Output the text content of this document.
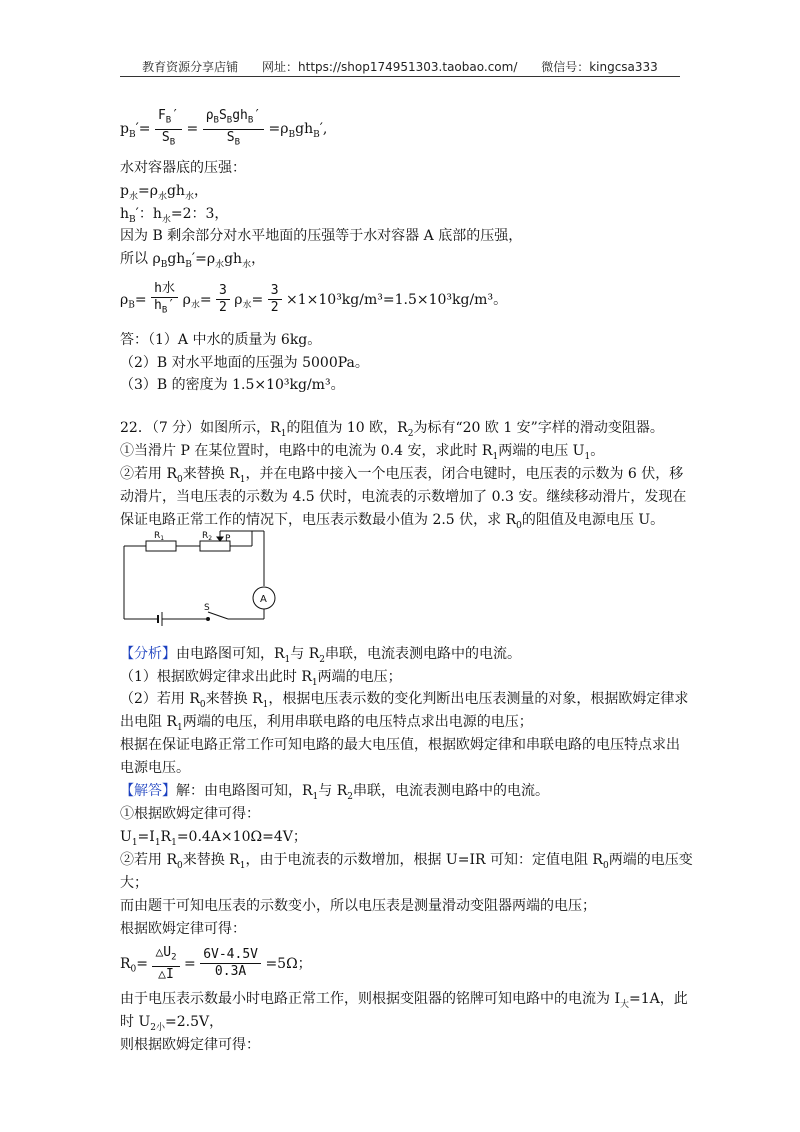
教育资源分享店铺 网址：https://shop174951303.taobao.com/ 微信号：kingcsa333
$p_B'= \frac{F_B'}{S_B} = \frac{\rho_BS_Bgh_B'}{S_B} =\rho_Bgh_B'$,
水对容器底的压强：
$p_水=\rho_水gh_水$，
$h_B'$：$h_水=2$：3，
因为 B 剩余部分对水平地面的压强等于水对容器 A 底部的压强，
所以 $\rho_Bgh_B'=\rho_水gh_水$，
$\rho_B= \frac{\text{h水}}{h_B'} \rho_水= \frac{3}{2} \rho_水= \frac{3}{2} \times 1\times 10^3kg/m^3=1.5\times 10^3kg/m^3$。
答：（1）A 中水的质量为 6kg。
（2）B 对水平地面的压强为 5000Pa。
（3）B 的密度为 1.5×10³kg/m³。
22．（7 分）如图所示，$R_1$的阻值为 10 欧，$R_2$为标有“20 欧 1 安”字样的滑动变阻器。
①当滑片 P 在某位置时，电路中的电流为 0.4 安，求此时 $R_1$两端的电压 $U_1$。
②若用 $R_0$来替换 $R_1$，并在电路中接入一个电压表，闭合电键时，电压表的示数为 6 伏，移
动滑片，当电压表的示数为 4.5 伏时，电流表的示数增加了 0.3 安。继续移动滑片，发现在
保证电路正常工作的情况下，电压表示数最小值为 2.5 伏，求 $R_0$的阻值及电源电压 U。
$R_1$	$R_2$ P
A
S
【分析】由电路图可知，$R_1$与 $R_2$串联，电流表测电路中的电流。
（1）根据欧姆定律求出此时 $R_1$两端的电压；
（2）若用 $R_0$来替换 $R_1$，根据电压表示数的变化判断出电压表测量的对象，根据欧姆定律求
出电阻 $R_1$两端的电压，利用串联电路的电压特点求出电源的电压；
根据在保证电路正常工作可知电路的最大电压值，根据欧姆定律和串联电路的电压特点求出
电源电压。
【解答】解：由电路图可知，$R_1$与 $R_2$串联，电流表测电路中的电流。
①根据欧姆定律可得：
$U_1=I_1R_1=0.4A\times 10\Omega=4V$；
②若用 $R_0$来替换 $R_1$，由于电流表的示数增加，根据 U=IR 可知：定值电阻 $R_0$两端的电压变
大；
而由题干可知电压表的示数变小，所以电压表是测量滑动变阻器两端的电压；
根据欧姆定律可得：
$R_0= \frac{\triangle U_2}{\triangle I} = \frac{6V-4.5V}{0.3A} =5\Omega$；
由于电压表示数最小时电路正常工作，则根据变阻器的铭牌可知电路中的电流为 $I_大=1A$，此
时 $U_{2小}=2.5V$，
则根据欧姆定律可得：
